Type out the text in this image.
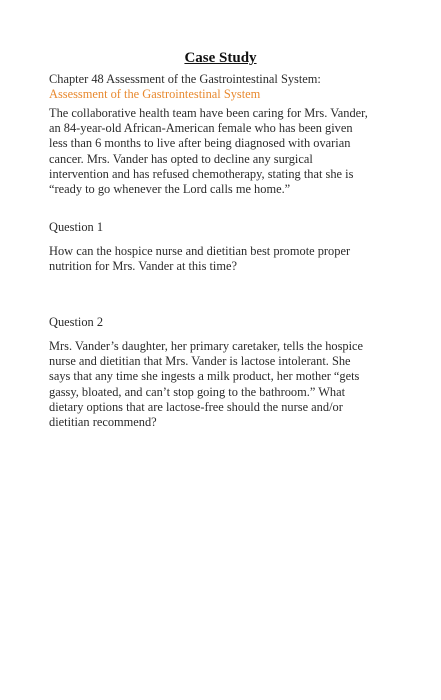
Case Study
Chapter 48 Assessment of the Gastrointestinal System:
Assessment of the Gastrointestinal System
The collaborative health team have been caring for Mrs. Vander,
an 84-year-old African-American female who has been given
less than 6 months to live after being diagnosed with ovarian
cancer. Mrs. Vander has opted to decline any surgical
intervention and has refused chemotherapy, stating that she is
“ready to go whenever the Lord calls me home.”
Question 1
How can the hospice nurse and dietitian best promote proper
nutrition for Mrs. Vander at this time?
Question 2
Mrs. Vander’s daughter, her primary caretaker, tells the hospice
nurse and dietitian that Mrs. Vander is lactose intolerant. She
says that any time she ingests a milk product, her mother “gets
gassy, bloated, and can’t stop going to the bathroom.” What
dietary options that are lactose-free should the nurse and/or
dietitian recommend?
